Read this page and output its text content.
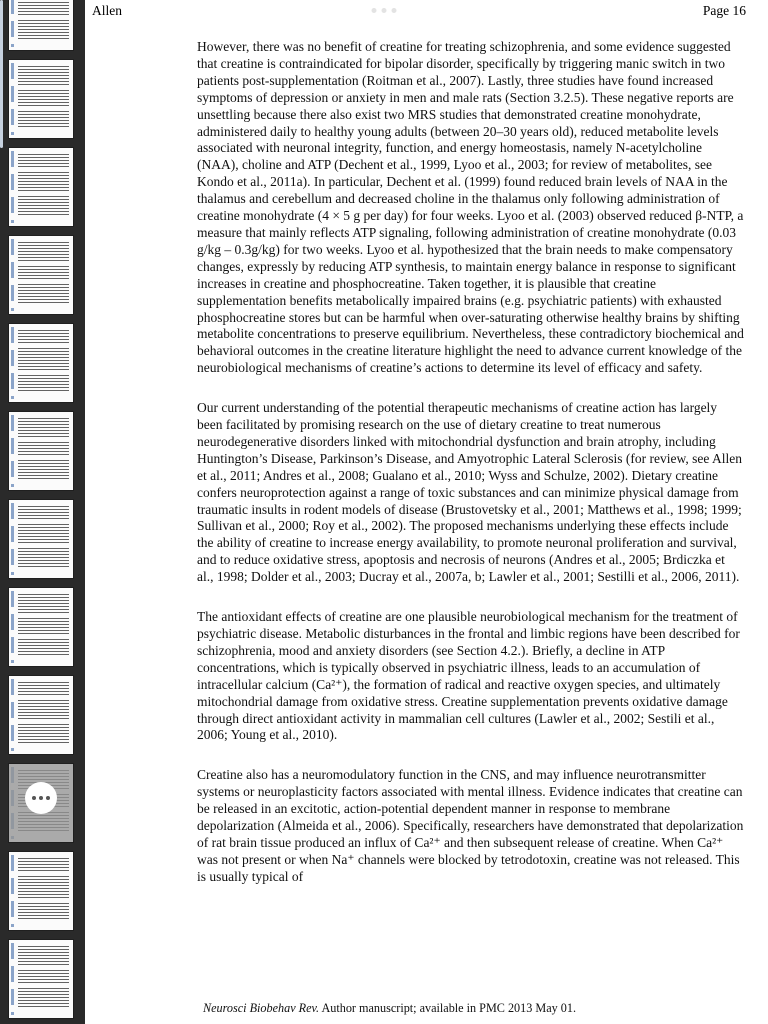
Allen	Page 16

However, there was no benefit of creatine for treating schizophrenia, and some evidence suggested that creatine is contraindicated for bipolar disorder, specifically by triggering manic switch in two patients post-supplementation (Roitman et al., 2007). Lastly, three studies have found increased symptoms of depression or anxiety in men and male rats (Section 3.2.5). These negative reports are unsettling because there also exist two MRS studies that demonstrated creatine monohydrate, administered daily to healthy young adults (between 20–30 years old), reduced metabolite levels associated with neuronal integrity, function, and energy homeostasis, namely N-acetylcholine (NAA), choline and ATP (Dechent et al., 1999, Lyoo et al., 2003; for review of metabolites, see Kondo et al., 2011a). In particular, Dechent et al. (1999) found reduced brain levels of NAA in the thalamus and cerebellum and decreased choline in the thalamus only following administration of creatine monohydrate (4 × 5 g per day) for four weeks. Lyoo et al. (2003) observed reduced β-NTP, a measure that mainly reflects ATP signaling, following administration of creatine monohydrate (0.03 g/kg – 0.3g/kg) for two weeks. Lyoo et al. hypothesized that the brain needs to make compensatory changes, expressly by reducing ATP synthesis, to maintain energy balance in response to significant increases in creatine and phosphocreatine. Taken together, it is plausible that creatine supplementation benefits metabolically impaired brains (e.g. psychiatric patients) with exhausted phosphocreatine stores but can be harmful when over-saturating otherwise healthy brains by shifting metabolite concentrations to preserve equilibrium. Nevertheless, these contradictory biochemical and behavioral outcomes in the creatine literature highlight the need to advance current knowledge of the neurobiological mechanisms of creatine’s actions to determine its level of efficacy and safety.

Our current understanding of the potential therapeutic mechanisms of creatine action has largely been facilitated by promising research on the use of dietary creatine to treat numerous neurodegenerative disorders linked with mitochondrial dysfunction and brain atrophy, including Huntington’s Disease, Parkinson’s Disease, and Amyotrophic Lateral Sclerosis (for review, see Allen et al., 2011; Andres et al., 2008; Gualano et al., 2010; Wyss and Schulze, 2002). Dietary creatine confers neuroprotection against a range of toxic substances and can minimize physical damage from traumatic insults in rodent models of disease (Brustovetsky et al., 2001; Matthews et al., 1998; 1999; Sullivan et al., 2000; Roy et al., 2002). The proposed mechanisms underlying these effects include the ability of creatine to increase energy availability, to promote neuronal proliferation and survival, and to reduce oxidative stress, apoptosis and necrosis of neurons (Andres et al., 2005; Brdiczka et al., 1998; Dolder et al., 2003; Ducray et al., 2007a, b; Lawler et al., 2001; Sestilli et al., 2006, 2011).

The antioxidant effects of creatine are one plausible neurobiological mechanism for the treatment of psychiatric disease. Metabolic disturbances in the frontal and limbic regions have been described for schizophrenia, mood and anxiety disorders (see Section 4.2.). Briefly, a decline in ATP concentrations, which is typically observed in psychiatric illness, leads to an accumulation of intracellular calcium (Ca²⁺), the formation of radical and reactive oxygen species, and ultimately mitochondrial damage from oxidative stress. Creatine supplementation prevents oxidative damage through direct antioxidant activity in mammalian cell cultures (Lawler et al., 2002; Sestili et al., 2006; Young et al., 2010).

Creatine also has a neuromodulatory function in the CNS, and may influence neurotransmitter systems or neuroplasticity factors associated with mental illness. Evidence indicates that creatine can be released in an excitotic, action-potential dependent manner in response to membrane depolarization (Almeida et al., 2006). Specifically, researchers have demonstrated that depolarization of rat brain tissue produced an influx of Ca²⁺ and then subsequent release of creatine. When Ca²⁺ was not present or when Na⁺ channels were blocked by tetrodotoxin, creatine was not released. This is usually typical of

Neurosci Biobehav Rev. Author manuscript; available in PMC 2013 May 01.
